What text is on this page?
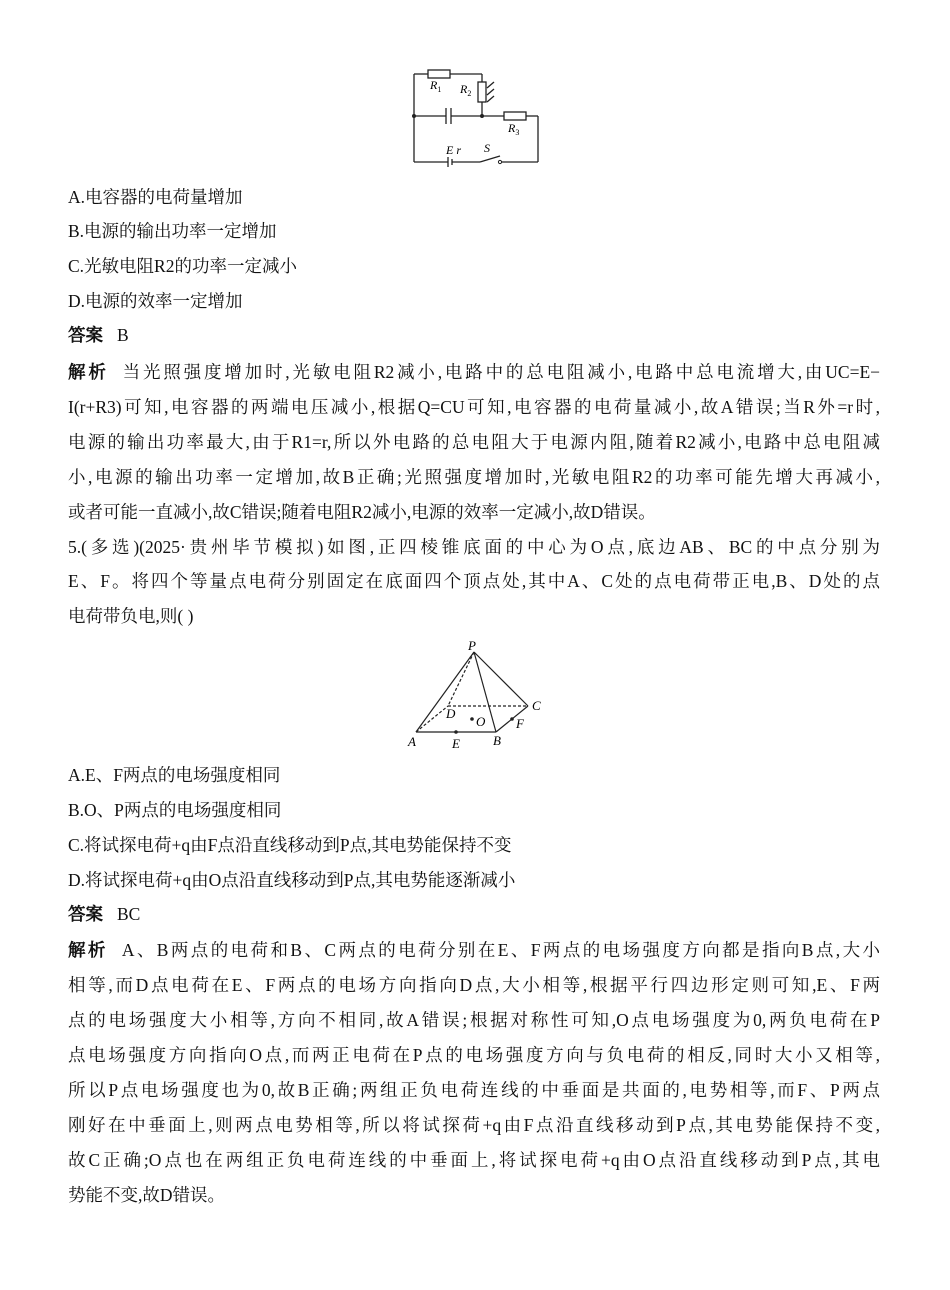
$R_1$ $R_2$
$R_3$
E r S
A.电容器的电荷量增加
B.电源的输出功率一定增加
C.光敏电阻R2的功率一定减小
D.电源的效率一定增加
答案 B
解析 当光照强度增加时,光敏电阻R2减小,电路中的总电阻减小,电路中总电流增大,由UC=E−
I(r+R3)可知,电容器的两端电压减小,根据Q=CU可知,电容器的电荷量减小,故A错误;当R外=r时,
电源的输出功率最大,由于R1=r,所以外电路的总电阻大于电源内阻,随着R2减小,电路中总电阻减
小,电源的输出功率一定增加,故B正确;光照强度增加时,光敏电阻R2的功率可能先增大再减小,
或者可能一直减小,故C错误;随着电阻R2减小,电源的效率一定减小,故D错误。
5.(多选)(2025·贵州毕节模拟)如图,正四棱锥底面的中心为O点,底边AB、BC的中点分别为
E、F。将四个等量点电荷分别固定在底面四个顶点处,其中A、C处的点电荷带正电,B、D处的点
电荷带负电,则( )
P
A	B
C
D
E
F
O
A.E、F两点的电场强度相同
B.O、P两点的电场强度相同
C.将试探电荷+q由F点沿直线移动到P点,其电势能保持不变
D.将试探电荷+q由O点沿直线移动到P点,其电势能逐渐减小
答案 BC
解析 A、B两点的电荷和B、C两点的电荷分别在E、F两点的电场强度方向都是指向B点,大小
相等,而D点电荷在E、F两点的电场方向指向D点,大小相等,根据平行四边形定则可知,E、F两
点的电场强度大小相等,方向不相同,故A错误;根据对称性可知,O点电场强度为0,两负电荷在P
点电场强度方向指向O点,而两正电荷在P点的电场强度方向与负电荷的相反,同时大小又相等,
所以P点电场强度也为0,故B正确;两组正负电荷连线的中垂面是共面的,电势相等,而F、P两点
刚好在中垂面上,则两点电势相等,所以将试探荷+q由F点沿直线移动到P点,其电势能保持不变,
故C正确;O点也在两组正负电荷连线的中垂面上,将试探电荷+q由O点沿直线移动到P点,其电
势能不变,故D错误。
